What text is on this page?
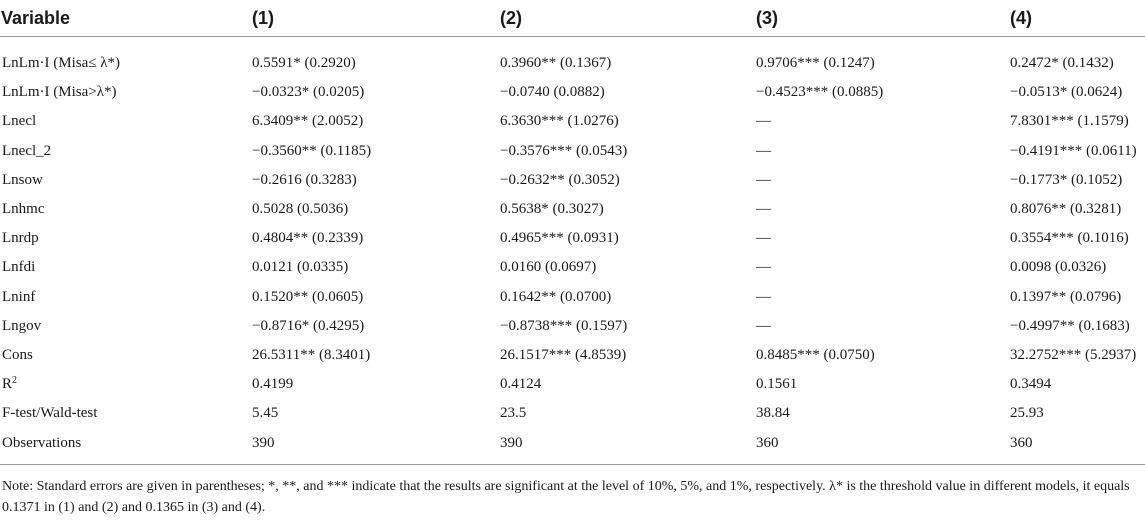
Variable	(1)	(2)	(3)	(4)
LnLm·I (Misa≤ λ*)	0.5591* (0.2920)	0.3960** (0.1367)	0.9706*** (0.1247)	0.2472* (0.1432)
LnLm·I (Misa>λ*)	−0.0323* (0.0205)	−0.0740 (0.0882)	−0.4523*** (0.0885)	−0.0513* (0.0624)
Lnecl	6.3409** (2.0052)	6.3630*** (1.0276)	—	7.8301*** (1.1579)
Lnecl_2	−0.3560** (0.1185)	−0.3576*** (0.0543)	—	−0.4191*** (0.0611)
Lnsow	−0.2616 (0.3283)	−0.2632** (0.3052)	—	−0.1773* (0.1052)
Lnhmc	0.5028 (0.5036)	0.5638* (0.3027)	—	0.8076** (0.3281)
Lnrdp	0.4804** (0.2339)	0.4965*** (0.0931)	—	0.3554*** (0.1016)
Lnfdi	0.0121 (0.0335)	0.0160 (0.0697)	—	0.0098 (0.0326)
Lninf	0.1520** (0.0605)	0.1642** (0.0700)	—	0.1397** (0.0796)
Lngov	−0.8716* (0.4295)	−0.8738*** (0.1597)	—	−0.4997** (0.1683)
Cons	26.5311** (8.3401)	26.1517*** (4.8539)	0.8485*** (0.0750)	32.2752*** (5.2937)
$R^2$	0.4199	0.4124	0.1561	0.3494
F-test/Wald-test	5.45	23.5	38.84	25.93
Observations	390	390	360	360
Note: Standard errors are given in parentheses; *, **, and *** indicate that the results are significant at the level of 10%, 5%, and 1%, respectively. λ* is the threshold value in different models, it equals 0.1371 in (1) and (2) and 0.1365 in (3) and (4).
